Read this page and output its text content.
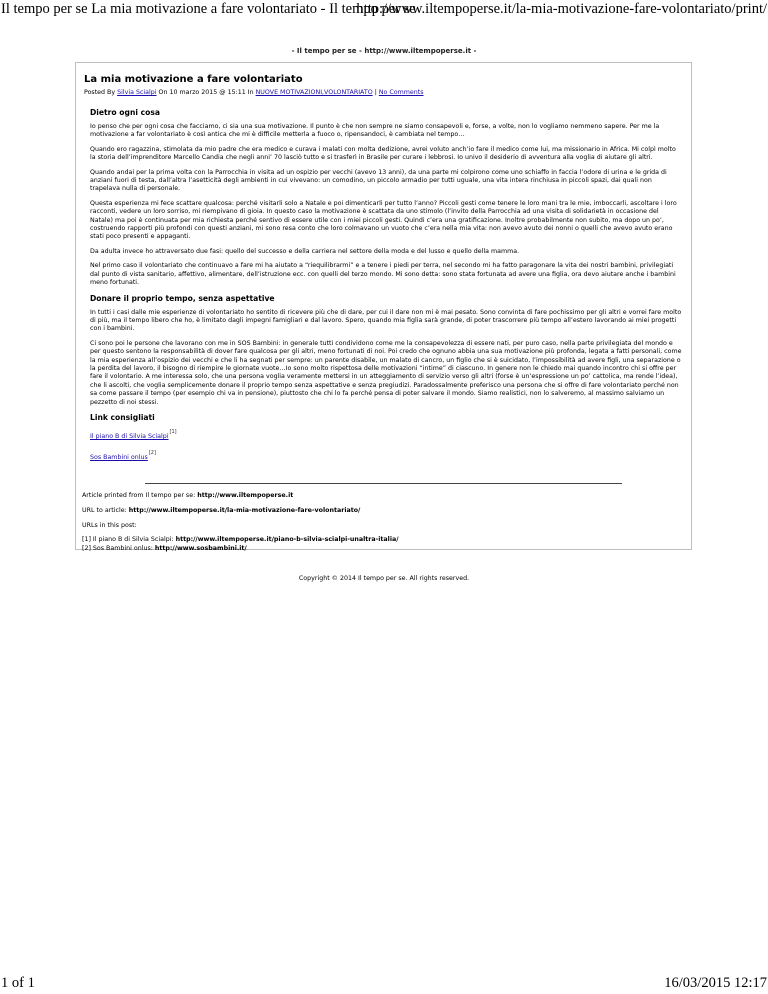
Il tempo per se La mia motivazione a fare volontariato - Il tempo per se
http://www.iltempoperse.it/la-mia-motivazione-fare-volontariato/print/
- Il tempo per se - http://www.iltempoperse.it -
La mia motivazione a fare volontariato
Posted By Silvia Scialpi On 10 marzo 2015 @ 15:11 In NUOVE MOTIVAZIONI,VOLONTARIATO | No Comments
Dietro ogni cosa

Io penso che per ogni cosa che facciamo, ci sia una sua motivazione. Il punto è che non sempre ne siamo consapevoli e, forse, a volte, non lo vogliamo nemmeno sapere. Per me la motivazione a far volontariato è così antica che mi è difficile metterla a fuoco o, ripensandoci, è cambiata nel tempo…

Quando ero ragazzina, stimolata da mio padre che era medico e curava i malati con molta dedizione, avrei voluto anch’io fare il medico come lui, ma missionario in Africa. Mi colpì molto la storia dell’imprenditore Marcello Candia che negli anni’ 70 lasciò tutto e si trasferì in Brasile per curare i lebbrosi. Io univo il desiderio di avventura alla voglia di aiutare gli altri.

Quando andai per la prima volta con la Parrocchia in visita ad un ospizio per vecchi (avevo 13 anni), da una parte mi colpirono come uno schiaffo in faccia l’odore di urina e le grida di anziani fuori di testa, dall’altra l’asetticità degli ambienti in cui vivevano: un comodino, un piccolo armadio per tutti uguale, una vita intera rinchiusa in piccoli spazi, dai quali non trapelava nulla di personale.

Questa esperienza mi fece scattare qualcosa: perché visitarli solo a Natale e poi dimenticarli per tutto l’anno? Piccoli gesti come tenere le loro mani tra le mie, imboccarli, ascoltare i loro racconti, vedere un loro sorriso, mi riempivano di gioia. In questo caso la motivazione è scattata da uno stimolo (l’invito della Parrocchia ad una visita di solidarietà in occasione del Natale) ma poi è continuata per mia richiesta perché sentivo di essere utile con i miei piccoli gesti. Quindi c’era una gratificazione. Inoltre probabilmente non subito, ma dopo un po’, costruendo rapporti più profondi con questi anziani, mi sono resa conto che loro colmavano un vuoto che c’era nella mia vita: non avevo avuto dei nonni o quelli che avevo avuto erano stati poco presenti e appaganti.

Da adulta invece ho attraversato due fasi: quello del successo e della carriera nel settore della moda e del lusso e quello della mamma.

Nel primo caso il volontariato che continuavo a fare mi ha aiutato a “riequilibrarmi” e a tenere i piedi per terra, nel secondo mi ha fatto paragonare la vita dei nostri bambini, privilegiati dal punto di vista sanitario, affettivo, alimentare, dell’istruzione ecc. con quelli del terzo mondo. Mi sono detta: sono stata fortunata ad avere una figlia, ora devo aiutare anche i bambini meno fortunati.

Donare il proprio tempo, senza aspettative

In tutti i casi dalle mie esperienze di volontariato ho sentito di ricevere più che di dare, per cui il dare non mi è mai pesato. Sono convinta di fare pochissimo per gli altri e vorrei fare molto di più, ma il tempo libero che ho, è limitato dagli impegni famigliari e dal lavoro. Spero, quando mia figlia sarà grande, di poter trascorrere più tempo all’estero lavorando ai miei progetti con i bambini.

Ci sono poi le persone che lavorano con me in SOS Bambini: in generale tutti condividono come me la consapevolezza di essere nati, per puro caso, nella parte privilegiata del mondo e per questo sentono la responsabilità di dover fare qualcosa per gli altri, meno fortunati di noi. Poi credo che ognuno abbia una sua motivazione più profonda, legata a fatti personali, come la mia esperienza all’ospizio dei vecchi e che li ha segnati per sempre: un parente disabile, un malato di cancro, un figlio che si è suicidato, l’impossibilità ad avere figli, una separazione o la perdita del lavoro, il bisogno di riempire le giornate vuote…Io sono molto rispettosa delle motivazioni “intime” di ciascuno. In genere non le chiedo mai quando incontro chi si offre per fare il volontario. A me interessa solo, che una persona voglia veramente mettersi in un atteggiamento di servizio verso gli altri (forse è un’espressione un po’ cattolica, ma rende l’idea), che li ascolti, che voglia semplicemente donare il proprio tempo senza aspettative e senza pregiudizi. Paradossalmente preferisco una persona che si offre di fare volontariato perché non sa come passare il tempo (per esempio chi va in pensione), piuttosto che chi lo fa perché pensa di poter salvare il mondo. Siamo realistici, non lo salveremo, al massimo salviamo un pezzetto di noi stessi.

Link consigliati
Il piano B di Silvia Scialpi[1]
Sos Bambini onlus[2]
Article printed from Il tempo per se: http://www.iltempoperse.it
URL to article: http://www.iltempoperse.it/la-mia-motivazione-fare-volontariato/
URLs in this post:
[1] Il piano B di Silvia Scialpi: http://www.iltempoperse.it/piano-b-silvia-scialpi-unaltra-italia/
[2] Sos Bambini onlus: http://www.sosbambini.it/
Copyright © 2014 Il tempo per se. All rights reserved.
1 of 1	16/03/2015 12:17
